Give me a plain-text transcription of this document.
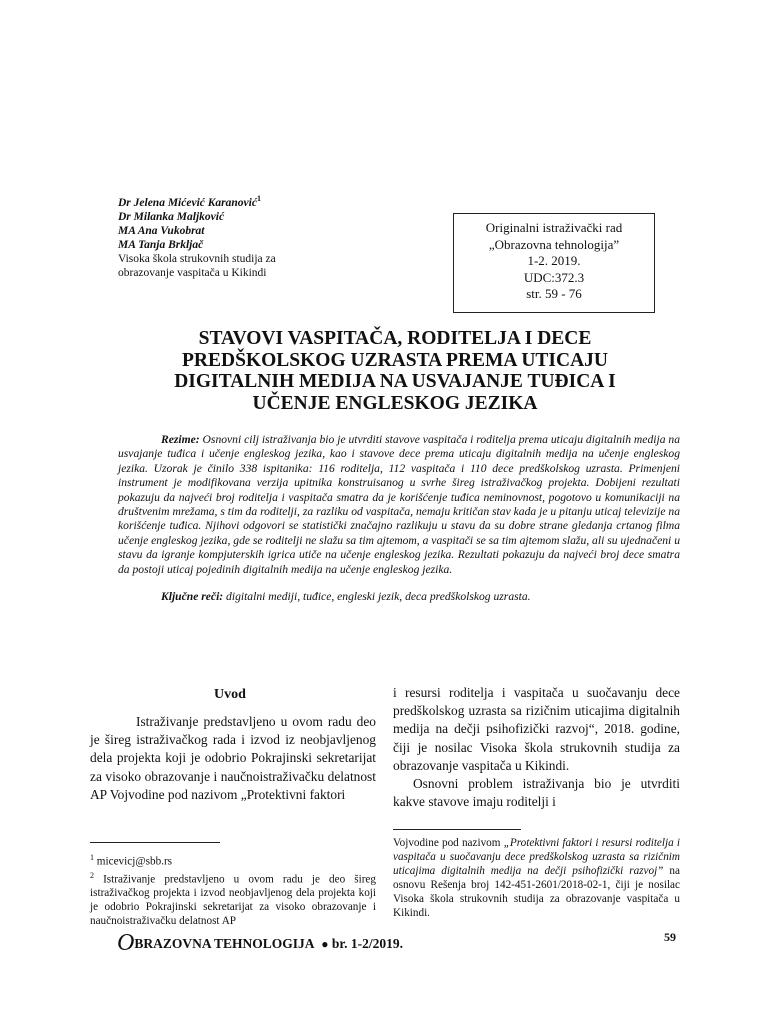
Dr Jelena Mićević Karanović$^1$
Dr Milanka Maljković
MA Ana Vukobrat
MA Tanja Brkljač
Visoka škola strukovnih studija za
obrazovanje vaspitača u Kikindi
Originalni istraživački rad
„Obrazovna tehnologija”
1-2. 2019.
UDC:372.3
str. 59 - 76
STAVOVI VASPITAČA, RODITELJA I DECE
PREDŠKOLSKOG UZRASTA PREMA UTICAJU
DIGITALNIH MEDIJA NA USVAJANJE TUĐICA I
UČENJE ENGLESKOG JEZIKA
Rezime: Osnovni cilj istraživanja bio je utvrditi stavove vaspitača i roditelja prema uticaju digitalnih medija na usvajanje tuđica i učenje engleskog jezika, kao i stavove dece prema uticaju digitalnih medija na učenje engleskog jezika. Uzorak je činilo 338 ispitanika: 116 roditelja, 112 vaspitača i 110 dece predškolskog uzrasta. Primenjeni instrument je modifikovana verzija upitnika konstruisanog u svrhe šireg istraživačkog projekta. Dobijeni rezultati pokazuju da najveći broj roditelja i vaspitača smatra da je korišćenje tuđica neminovnost, pogotovo u komunikaciji na društvenim mrežama, s tim da roditelji, za razliku od vaspitača, nemaju kritičan stav kada je u pitanju uticaj televizije na korišćenje tuđica. Njihovi odgovori se statistički značajno razlikuju u stavu da su dobre strane gledanja crtanog filma učenje engleskog jezika, gde se roditelji ne slažu sa tim ajtemom, a vaspitači se sa tim ajtemom slažu, ali su ujednačeni u stavu da igranje kompjuterskih igrica utiče na učenje engleskog jezika. Rezultati pokazuju da najveći broj dece smatra da postoji uticaj pojedinih digitalnih medija na učenje engleskog jezika.
Ključne reči: digitalni mediji, tuđice, engleski jezik, deca predškolskog uzrasta.
Uvod

Istraživanje predstavljeno u ovom radu deo je šireg istraživačkog rada i izvod iz neobjavljenog dela projekta koji je odobrio Pokrajinski sekretarijat za visoko obrazovanje i naučnoistraživačku delatnost AP Vojvodine pod nazivom „Protektivni faktori

i resursi roditelja i vaspitača u suočavanju dece predškolskog uzrasta sa rizičnim uticajima digitalnih medija na dečji psihofizički razvoj“, 2018. godine, čiji je nosilac Visoka škola strukovnih studija za obrazovanje vaspitača u Kikindi.

Osnovni problem istraživanja bio je utvrditi kakve stavove imaju roditelji i

$^1$ micevicj@sbb.rs

$^2$ Istraživanje predstavljeno u ovom radu je deo šireg istraživačkog projekta i izvod neobjavljenog dela projekta koji je odobrio Pokrajinski sekretarijat za visoko obrazovanje i naučnoistraživačku delatnost AP

Vojvodine pod nazivom „Protektivni faktori i resursi roditelja i vaspitača u suočavanju dece predškolskog uzrasta sa rizičnim uticajima digitalnih medija na dečji psihofizički razvoj” na osnovu Rešenja broj 142-451-2601/2018-02-1, čiji je nosilac Visoka škola strukovnih studija za obrazovanje vaspitača u Kikindi.
OBRAZOVNA TEHNOLOGIJA ● br. 1-2/2019.	59
